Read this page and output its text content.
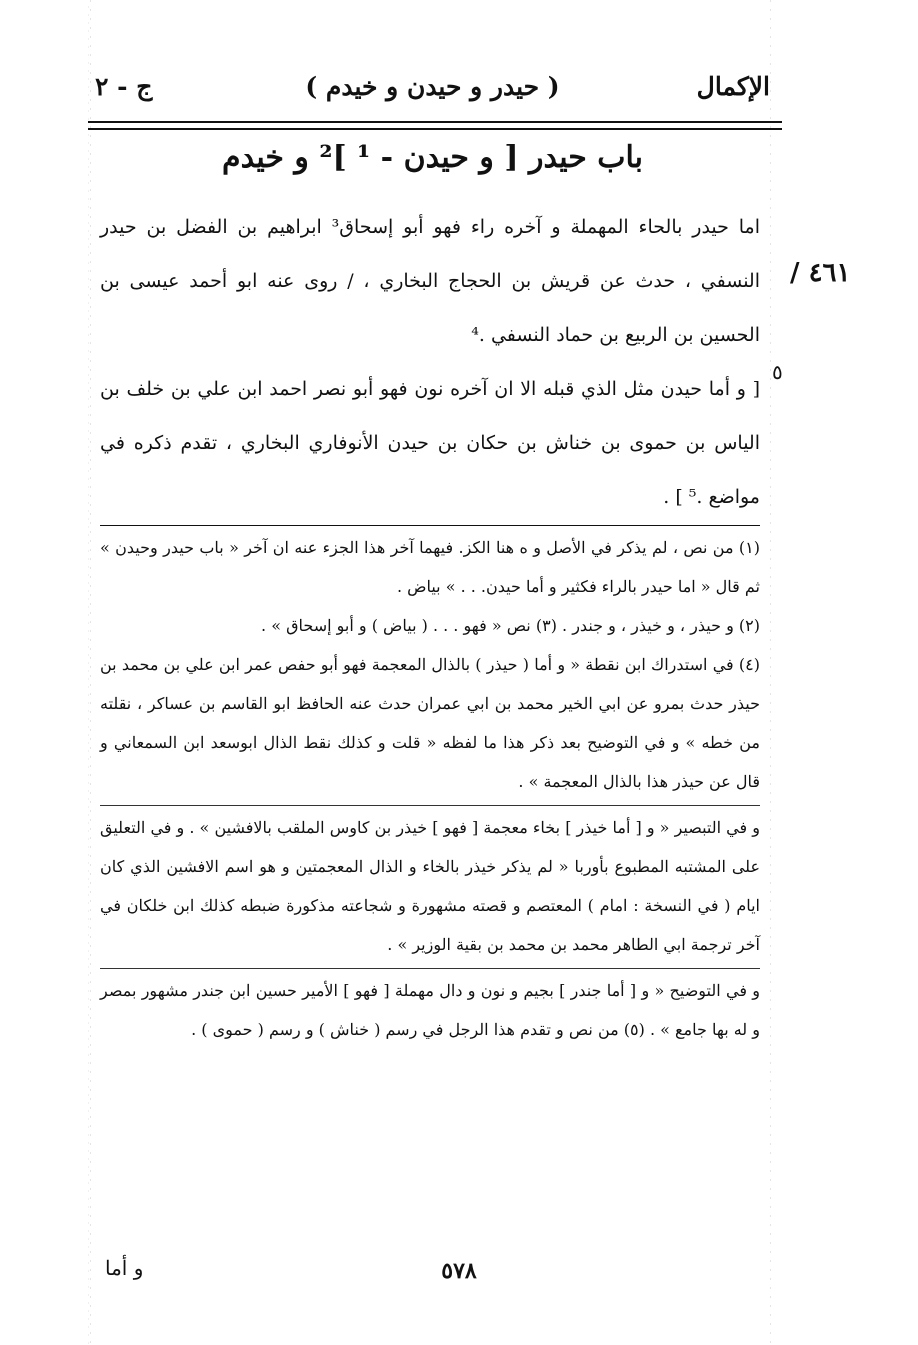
الإكمال
( حيدر و حيدن و خيدم )
ج - ٢
باب حيدر [ و حيدن - ¹ ]² و خيدم
٤٦١ /
٥

اما حيدر بالحاء المهملة و آخره راء فهو أبو إسحاق³ ابراهيم بن الفضل بن حيدر النسفي ، حدث عن قريش بن الحجاج البخاري ، / روى عنه ابو أحمد عيسى بن الحسين بن الربيع بن حماد النسفي .⁴

[ و أما حيدن مثل الذي قبله الا ان آخره نون فهو أبو نصر احمد ابن علي بن خلف بن الياس بن حموى بن خناش بن حكان بن حيدن الأنوفاري البخاري ، تقدم ذكره في مواضع .⁵ ] .

(١) من نص ، لم يذكر في الأصل و ه هنا الكز. فيهما آخر هذا الجزء عنه ان آخر « باب حيدر وحيدن » ثم قال « اما حيدر بالراء فكثير و أما حيدن. . . » بياض .

(٢) و حيذر ، و خيذر ، و جندر . (٣) نص « فهو . . . ( بياض ) و أبو إسحاق » .

(٤) في استدراك ابن نقطة « و أما ( حيذر ) بالذال المعجمة فهو أبو حفص عمر ابن علي بن محمد بن حيذر حدث بمرو عن ابي الخير محمد بن ابي عمران حدث عنه الحافظ ابو القاسم بن عساكر ، نقلته من خطه » و في التوضيح بعد ذكر هذا ما لفظه « قلت و كذلك نقط الذال ابوسعد ابن السمعاني و قال عن حيذر هذا بالذال المعجمة » .

و في التبصير « و [ أما خيذر ] بخاء معجمة [ فهو ] خيذر بن كاوس الملقب بالافشين » . و في التعليق على المشتبه المطبوع بأوربا « لم يذكر خيذر بالخاء و الذال المعجمتين و هو اسم الافشين الذي كان ايام ( في النسخة : امام ) المعتصم و قصته مشهورة و شجاعته مذكورة ضبطه كذلك ابن خلكان في آخر ترجمة ابي الطاهر محمد بن محمد بن بقية الوزير » .

و في التوضيح « و [ أما جندر ] بجيم و نون و دال مهملة [ فهو ] الأمير حسين ابن جندر مشهور بمصر و له بها جامع » . (٥) من نص و تقدم هذا الرجل في رسم ( خناش ) و رسم ( حموى ) .

٥٧٨
و أما
